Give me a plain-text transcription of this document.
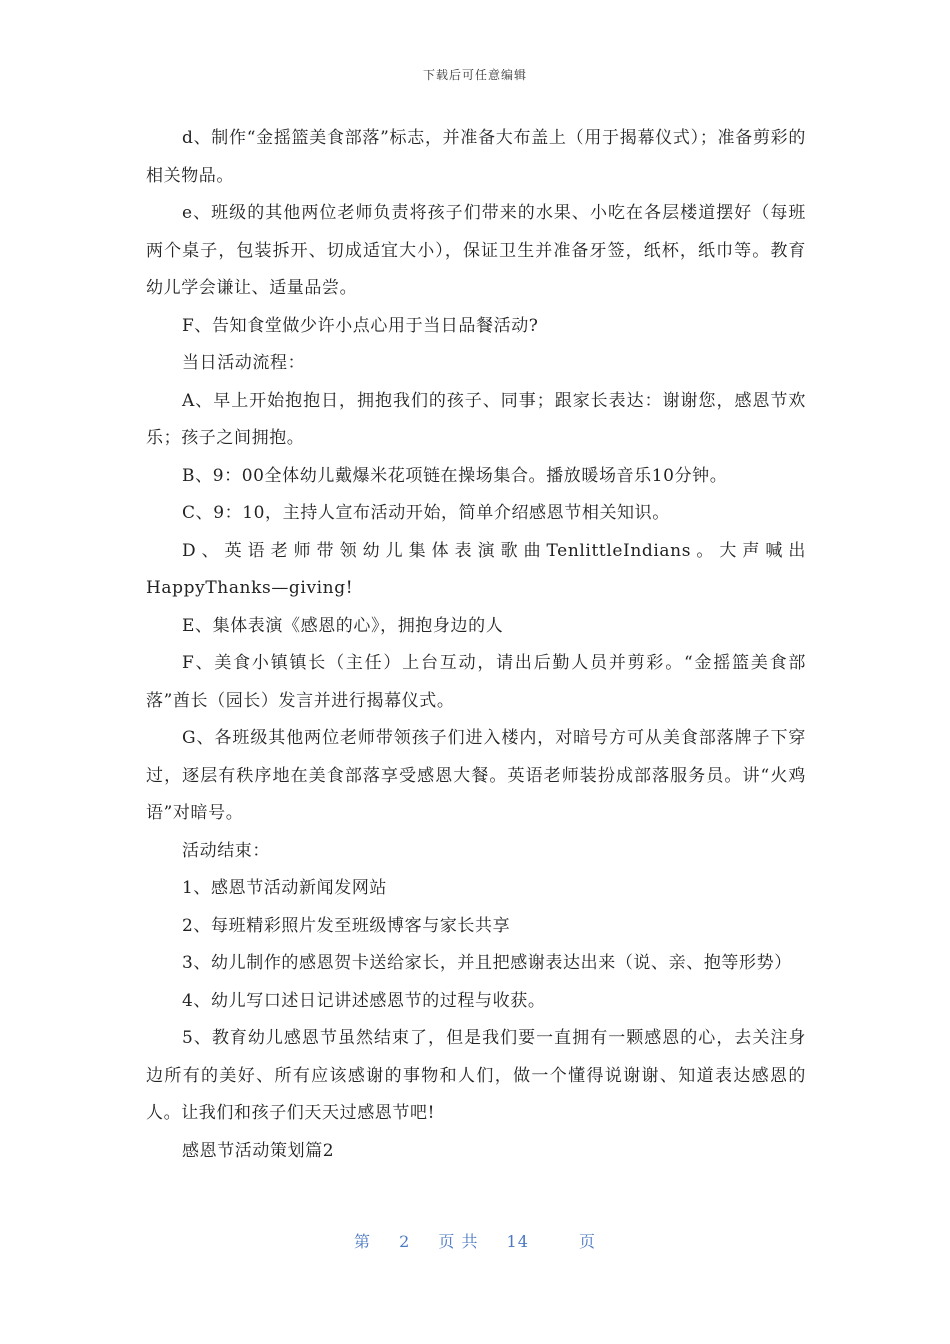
下载后可任意编辑

d、制作“金摇篮美食部落”标志，并准备大布盖上（用于揭幕仪式）；准备剪彩的相关物品。

e、班级的其他两位老师负责将孩子们带来的水果、小吃在各层楼道摆好（每班两个桌子，包装拆开、切成适宜大小），保证卫生并准备牙签，纸杯，纸巾等。教育幼儿学会谦让、适量品尝。

F、告知食堂做少许小点心用于当日品餐活动?

当日活动流程：

A、早上开始抱抱日，拥抱我们的孩子、同事；跟家长表达：谢谢您，感恩节欢乐；孩子之间拥抱。

B、9：00全体幼儿戴爆米花项链在操场集合。播放暖场音乐10分钟。

C、9：10，主持人宣布活动开始，简单介绍感恩节相关知识。

D、英语老师带领幼儿集体表演歌曲TenlittleIndians。大声喊出HappyThanks—giving!

E、集体表演《感恩的心》，拥抱身边的人

F、美食小镇镇长（主任）上台互动，请出后勤人员并剪彩。“金摇篮美食部落”酋长（园长）发言并进行揭幕仪式。

G、各班级其他两位老师带领孩子们进入楼内，对暗号方可从美食部落牌子下穿过，逐层有秩序地在美食部落享受感恩大餐。英语老师装扮成部落服务员。讲“火鸡语”对暗号。

活动结束：

1、感恩节活动新闻发网站

2、每班精彩照片发至班级博客与家长共享

3、幼儿制作的感恩贺卡送给家长，并且把感谢表达出来（说、亲、抱等形势）

4、幼儿写口述日记讲述感恩节的过程与收获。

5、教育幼儿感恩节虽然结束了，但是我们要一直拥有一颗感恩的心，去关注身边所有的美好、所有应该感谢的事物和人们，做一个懂得说谢谢、知道表达感恩的人。让我们和孩子们天天过感恩节吧!

感恩节活动策划篇2

第 2 页 共 14	页
